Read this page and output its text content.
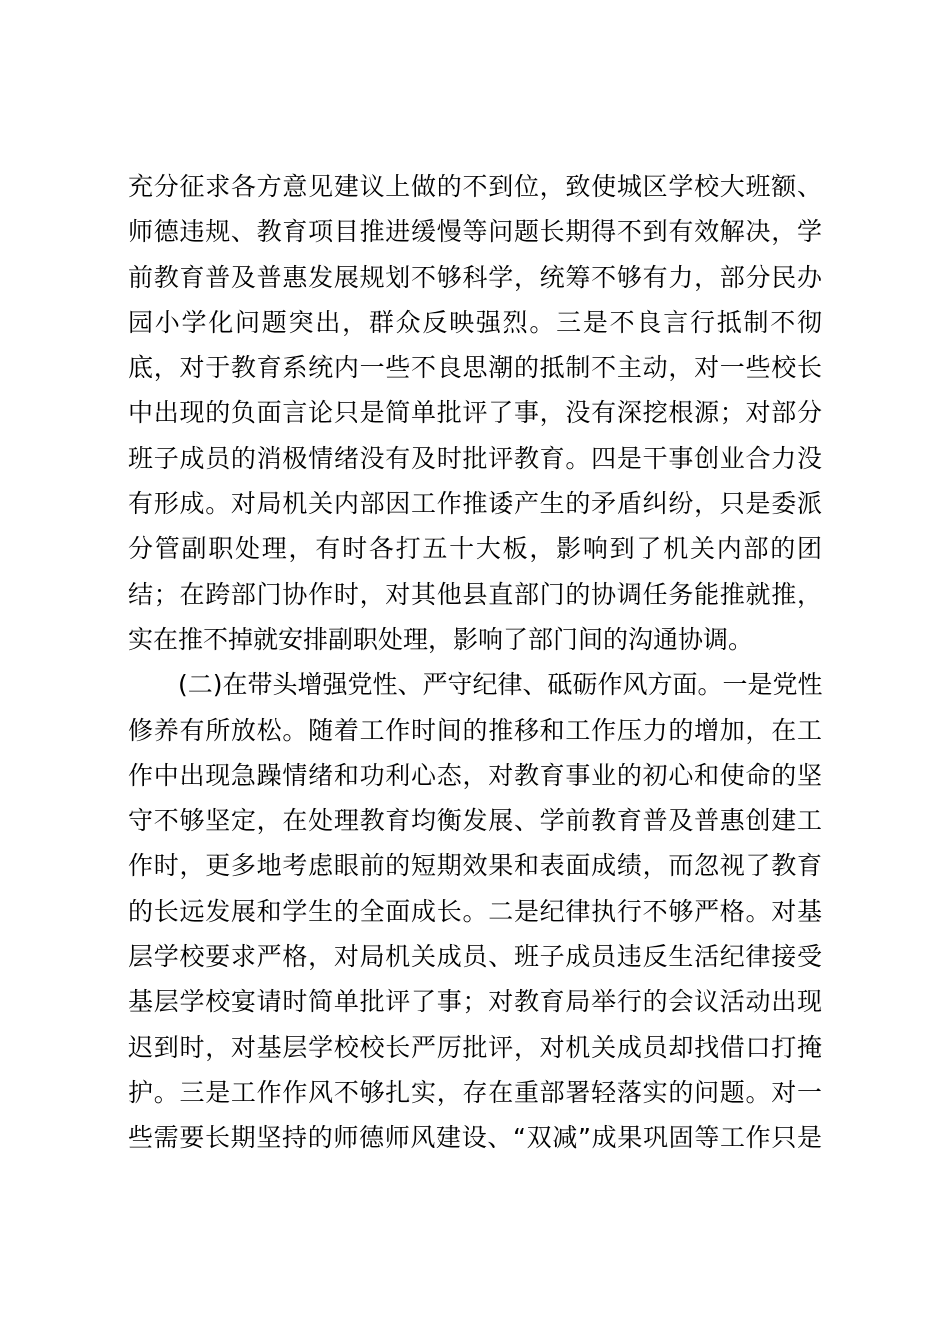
充分征求各方意见建议上做的不到位，致使城区学校大班额、
师德违规、教育项目推进缓慢等问题长期得不到有效解决，学
前教育普及普惠发展规划不够科学，统筹不够有力，部分民办
园小学化问题突出，群众反映强烈。三是不良言行抵制不彻
底，对于教育系统内一些不良思潮的抵制不主动，对一些校长
中出现的负面言论只是简单批评了事，没有深挖根源；对部分
班子成员的消极情绪没有及时批评教育。四是干事创业合力没
有形成。对局机关内部因工作推诿产生的矛盾纠纷，只是委派
分管副职处理，有时各打五十大板，影响到了机关内部的团
结；在跨部门协作时，对其他县直部门的协调任务能推就推，
实在推不掉就安排副职处理，影响了部门间的沟通协调。
(二)在带头增强党性、严守纪律、砥砺作风方面。一是党性
修养有所放松。随着工作时间的推移和工作压力的增加，在工
作中出现急躁情绪和功利心态，对教育事业的初心和使命的坚
守不够坚定，在处理教育均衡发展、学前教育普及普惠创建工
作时，更多地考虑眼前的短期效果和表面成绩，而忽视了教育
的长远发展和学生的全面成长。二是纪律执行不够严格。对基
层学校要求严格，对局机关成员、班子成员违反生活纪律接受
基层学校宴请时简单批评了事；对教育局举行的会议活动出现
迟到时，对基层学校校长严厉批评，对机关成员却找借口打掩
护。三是工作作风不够扎实，存在重部署轻落实的问题。对一
些需要长期坚持的师德师风建设、“双减”成果巩固等工作只是
